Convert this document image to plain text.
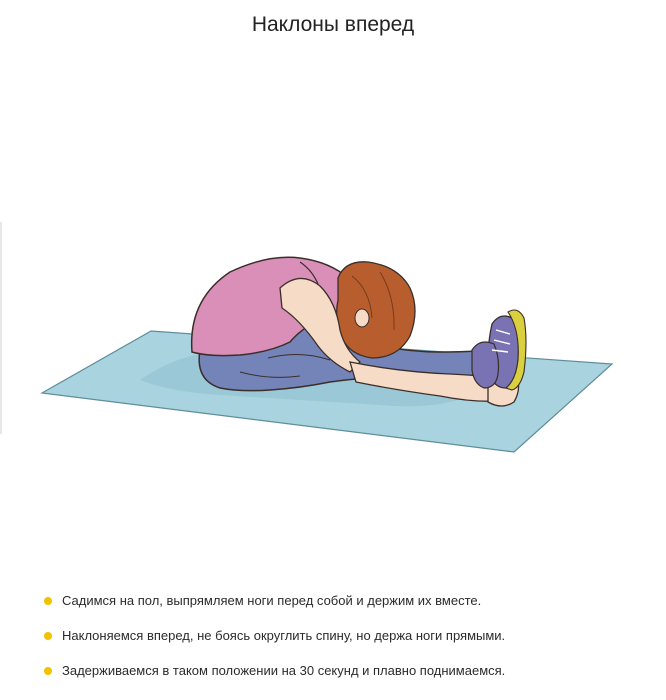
Наклоны вперед
Садимся на пол, выпрямляем ноги перед собой и держим их вместе.
Наклоняемся вперед, не боясь округлить спину, но держа ноги прямыми.
Задерживаемся в таком положении на 30 секунд и плавно поднимаемся.
